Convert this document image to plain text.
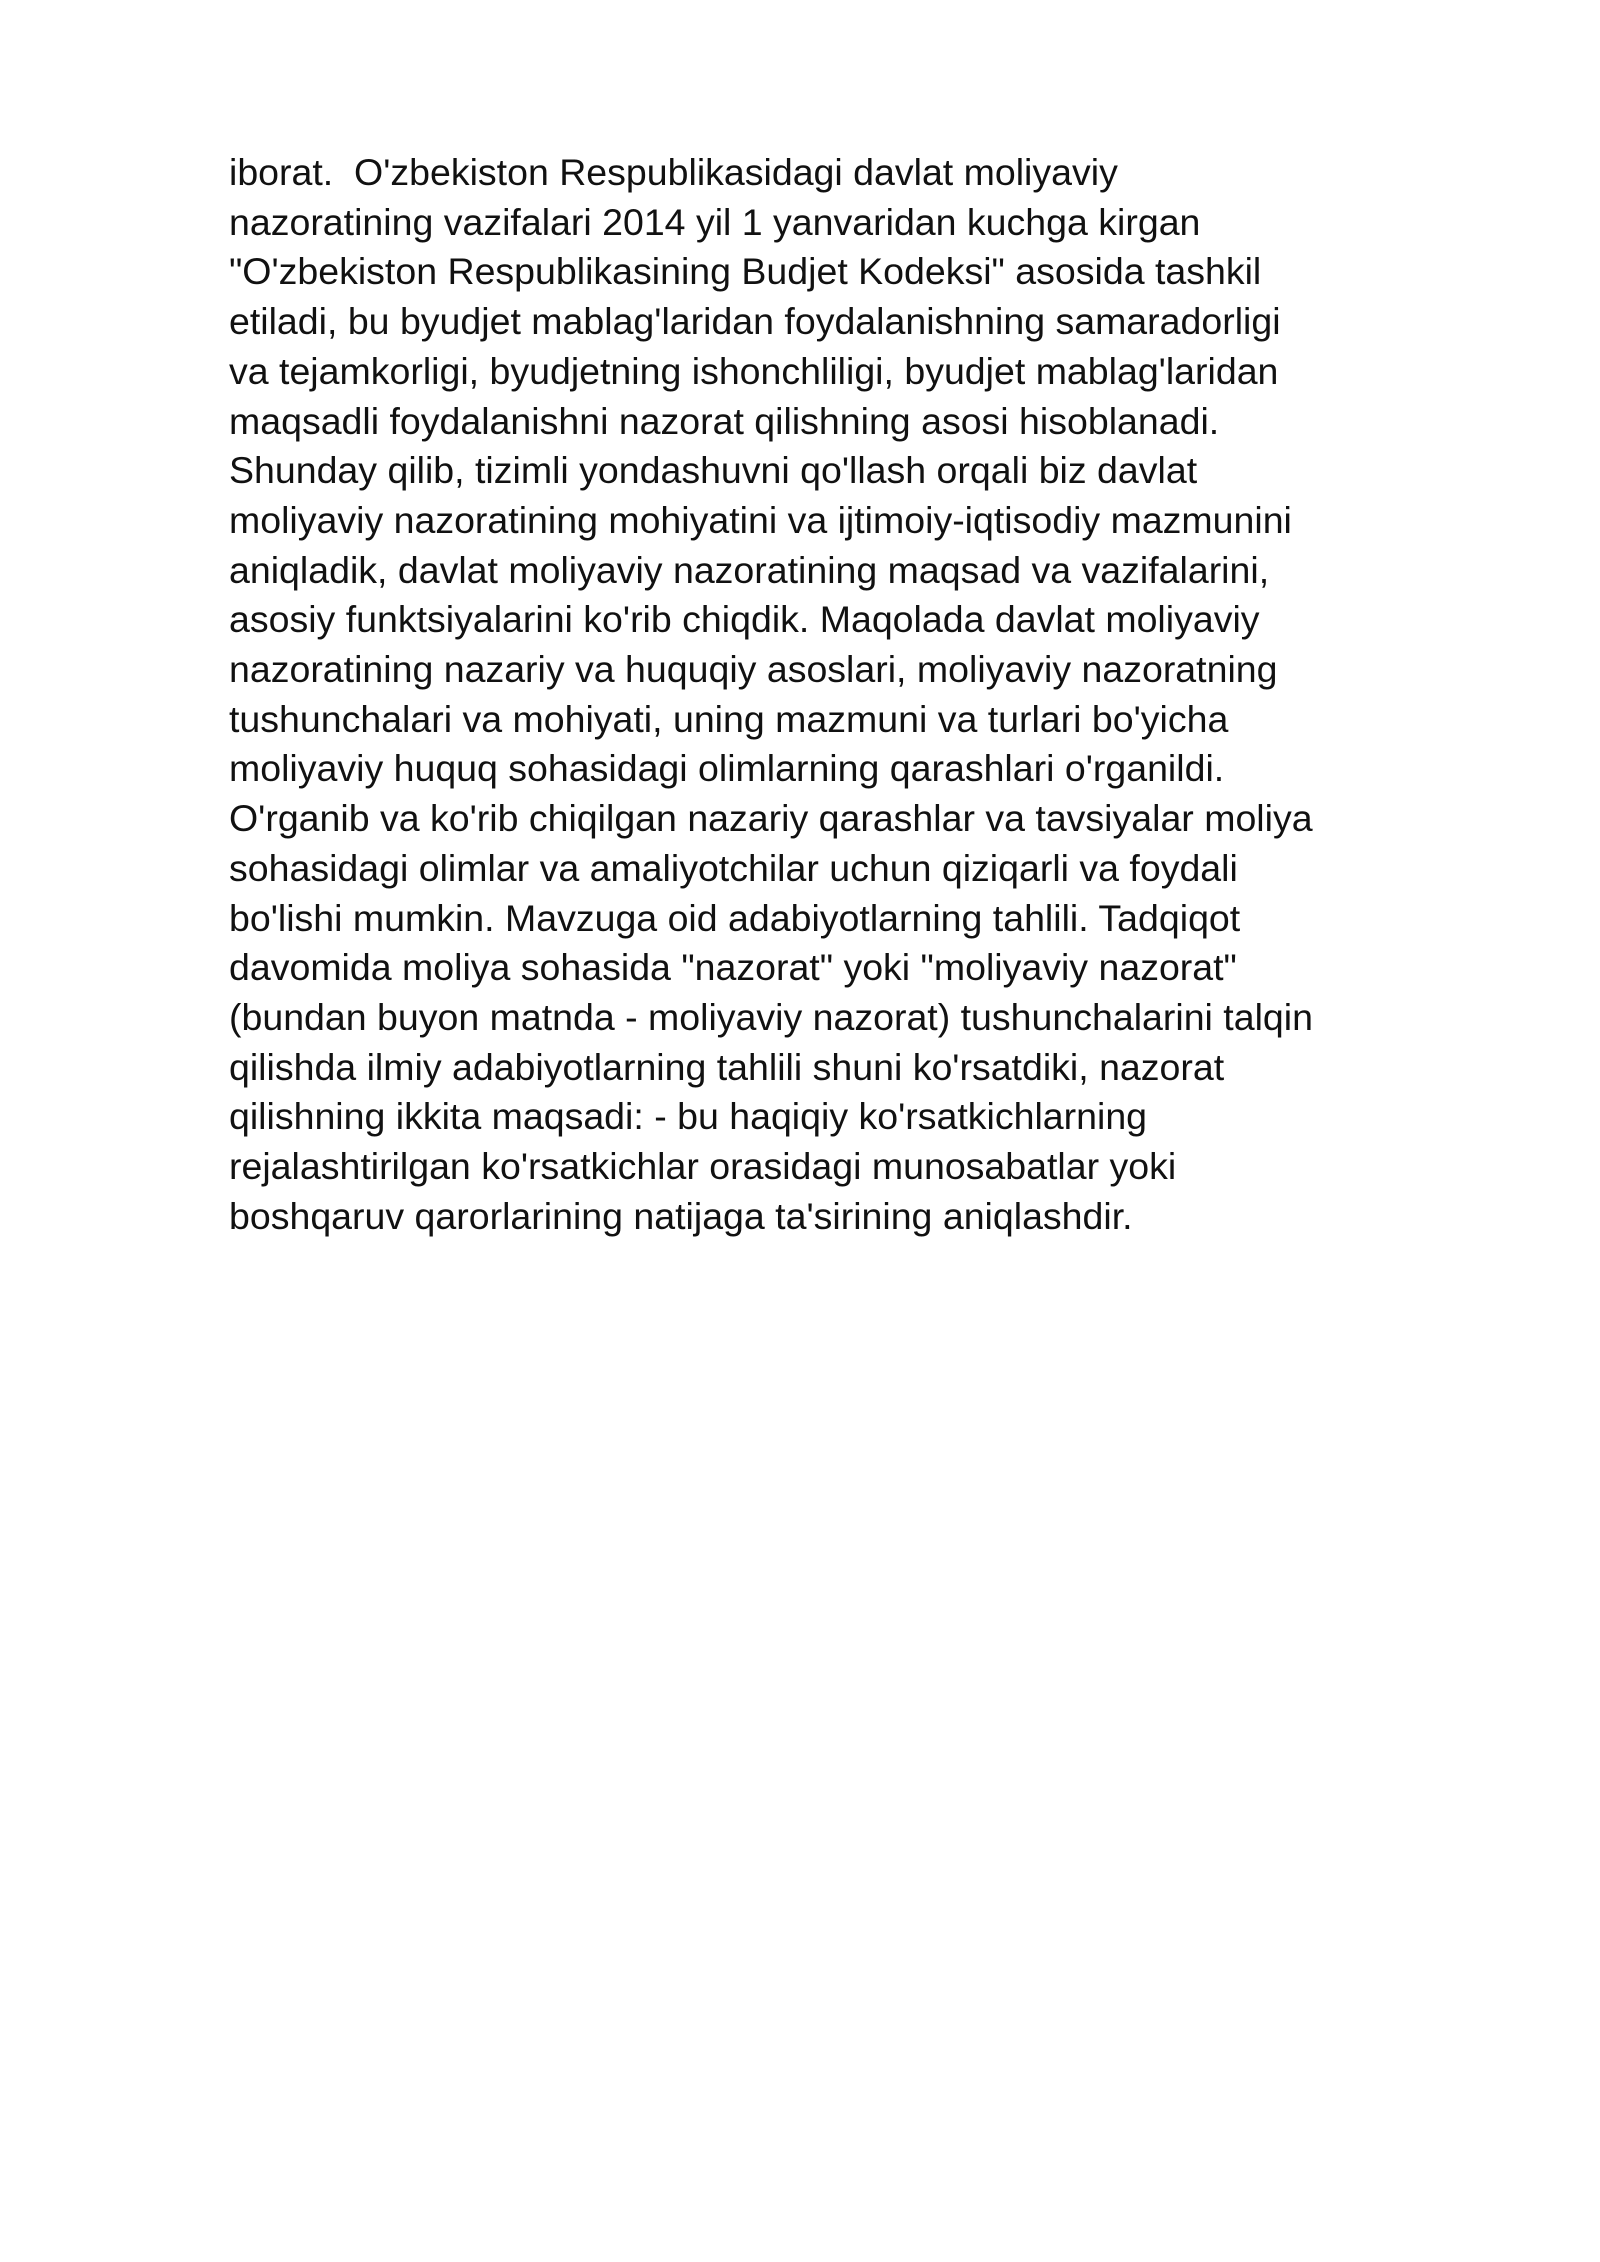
iborat.  O'zbekiston Respublikasidagi davlat moliyaviy
nazoratining vazifalari 2014 yil 1 yanvaridan kuchga kirgan
"O'zbekiston Respublikasining Budjet Kodeksi" asosida tashkil
etiladi, bu byudjet mablag'laridan foydalanishning samaradorligi
va tejamkorligi, byudjetning ishonchliligi, byudjet mablag'laridan
maqsadli foydalanishni nazorat qilishning asosi hisoblanadi.
Shunday qilib, tizimli yondashuvni qo'llash orqali biz davlat
moliyaviy nazoratining mohiyatini va ijtimoiy-iqtisodiy mazmunini
aniqladik, davlat moliyaviy nazoratining maqsad va vazifalarini,
asosiy funktsiyalarini ko'rib chiqdik. Maqolada davlat moliyaviy
nazoratining nazariy va huquqiy asoslari, moliyaviy nazoratning
tushunchalari va mohiyati, uning mazmuni va turlari bo'yicha
moliyaviy huquq sohasidagi olimlarning qarashlari o'rganildi.
O'rganib va ko'rib chiqilgan nazariy qarashlar va tavsiyalar moliya
sohasidagi olimlar va amaliyotchilar uchun qiziqarli va foydali
bo'lishi mumkin. Mavzuga oid adabiyotlarning tahlili. Tadqiqot
davomida moliya sohasida "nazorat" yoki "moliyaviy nazorat"
(bundan buyon matnda - moliyaviy nazorat) tushunchalarini talqin
qilishda ilmiy adabiyotlarning tahlili shuni ko'rsatdiki, nazorat
qilishning ikkita maqsadi: - bu haqiqiy ko'rsatkichlarning
rejalashtirilgan ko'rsatkichlar orasidagi munosabatlar yoki
boshqaruv qarorlarining natijaga ta'sirining aniqlashdir.
